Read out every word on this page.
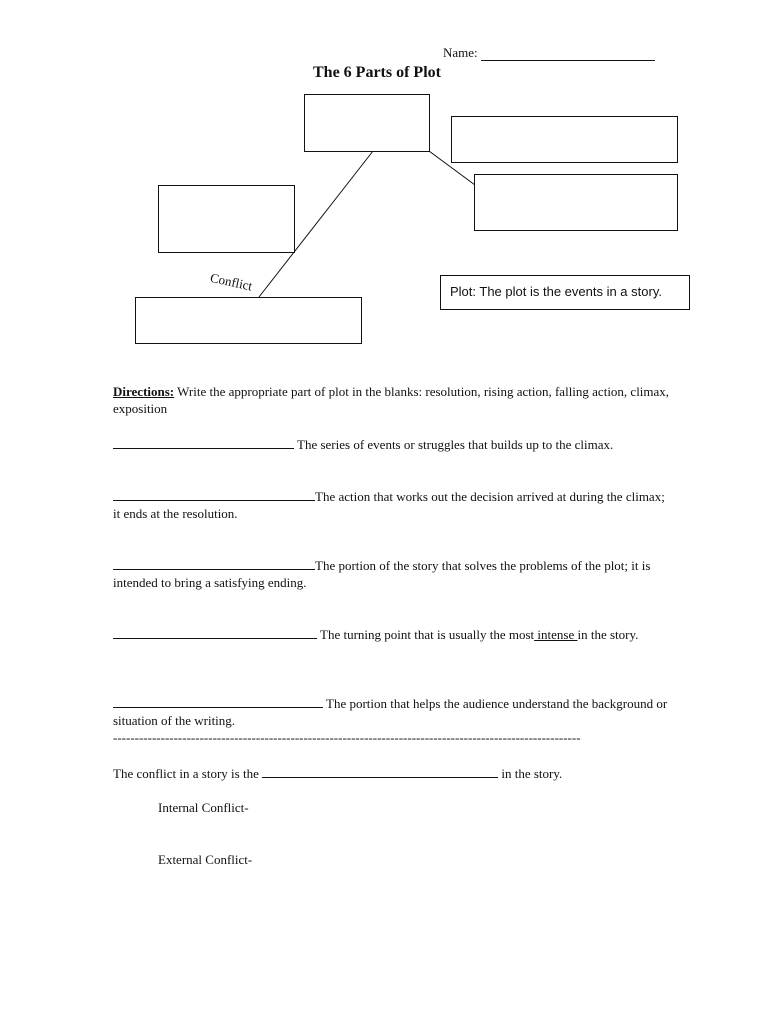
Name:
The 6 Parts of Plot
Conflict	Plot: The plot is the events in a story.
Directions: Write the appropriate part of plot in the blanks: resolution, rising action, falling action, climax, exposition
The series of events or struggles that builds up to the climax.
The action that works out the decision arrived at during the climax; it ends at the resolution.
The portion of the story that solves the problems of the plot; it is intended to bring a satisfying ending.
The turning point that is usually the most intense in the story.
The portion that helps the audience understand the background or situation of the writing.
------------------------------------------------------------------------------------------------------------
The conflict in a story is the	in the story.
Internal Conflict-
External Conflict-
